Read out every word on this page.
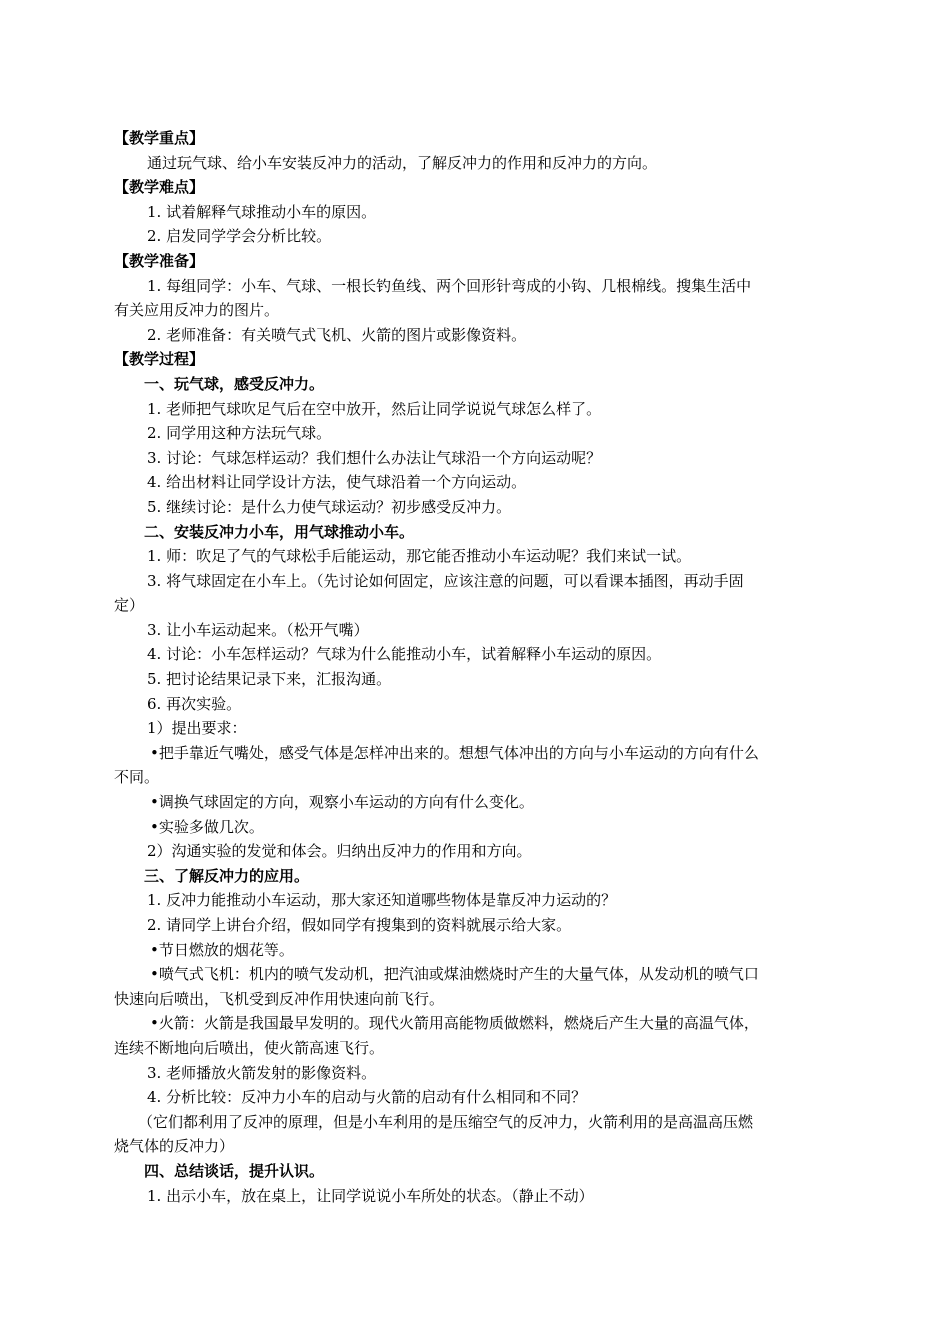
【教学重点】
通过玩气球、给小车安装反冲力的活动，了解反冲力的作用和反冲力的方向。
【教学难点】
1. 试着解释气球推动小车的原因。
2. 启发同学学会分析比较。
【教学准备】
1. 每组同学：小车、气球、一根长钓鱼线、两个回形针弯成的小钩、几根棉线。搜集生活中
有关应用反冲力的图片。
2. 老师准备：有关喷气式飞机、火箭的图片或影像资料。
【教学过程】
一、玩气球，感受反冲力。
1. 老师把气球吹足气后在空中放开，然后让同学说说气球怎么样了。
2. 同学用这种方法玩气球。
3. 讨论：气球怎样运动？我们想什么办法让气球沿一个方向运动呢？
4. 给出材料让同学设计方法，使气球沿着一个方向运动。
5. 继续讨论：是什么力使气球运动？初步感受反冲力。
二、安装反冲力小车，用气球推动小车。
1. 师：吹足了气的气球松手后能运动，那它能否推动小车运动呢？我们来试一试。
3. 将气球固定在小车上。（先讨论如何固定，应该注意的问题，可以看课本插图，再动手固
定）
3. 让小车运动起来。（松开气嘴）
4. 讨论：小车怎样运动？气球为什么能推动小车，试着解释小车运动的原因。
5. 把讨论结果记录下来，汇报沟通。
6. 再次实验。
1）提出要求：
•把手靠近气嘴处，感受气体是怎样冲出来的。想想气体冲出的方向与小车运动的方向有什么
不同。
•调换气球固定的方向，观察小车运动的方向有什么变化。
•实验多做几次。
2）沟通实验的发觉和体会。归纳出反冲力的作用和方向。
三、了解反冲力的应用。
1. 反冲力能推动小车运动，那大家还知道哪些物体是靠反冲力运动的？
2. 请同学上讲台介绍，假如同学有搜集到的资料就展示给大家。
•节日燃放的烟花等。
•喷气式飞机：机内的喷气发动机，把汽油或煤油燃烧时产生的大量气体，从发动机的喷气口
快速向后喷出，飞机受到反冲作用快速向前飞行。
•火箭：火箭是我国最早发明的。现代火箭用高能物质做燃料，燃烧后产生大量的高温气体，
连续不断地向后喷出，使火箭高速飞行。
3. 老师播放火箭发射的影像资料。
4. 分析比较：反冲力小车的启动与火箭的启动有什么相同和不同？
（它们都利用了反冲的原理，但是小车利用的是压缩空气的反冲力，火箭利用的是高温高压燃
烧气体的反冲力）
四、总结谈话，提升认识。
1. 出示小车，放在桌上，让同学说说小车所处的状态。（静止不动）
